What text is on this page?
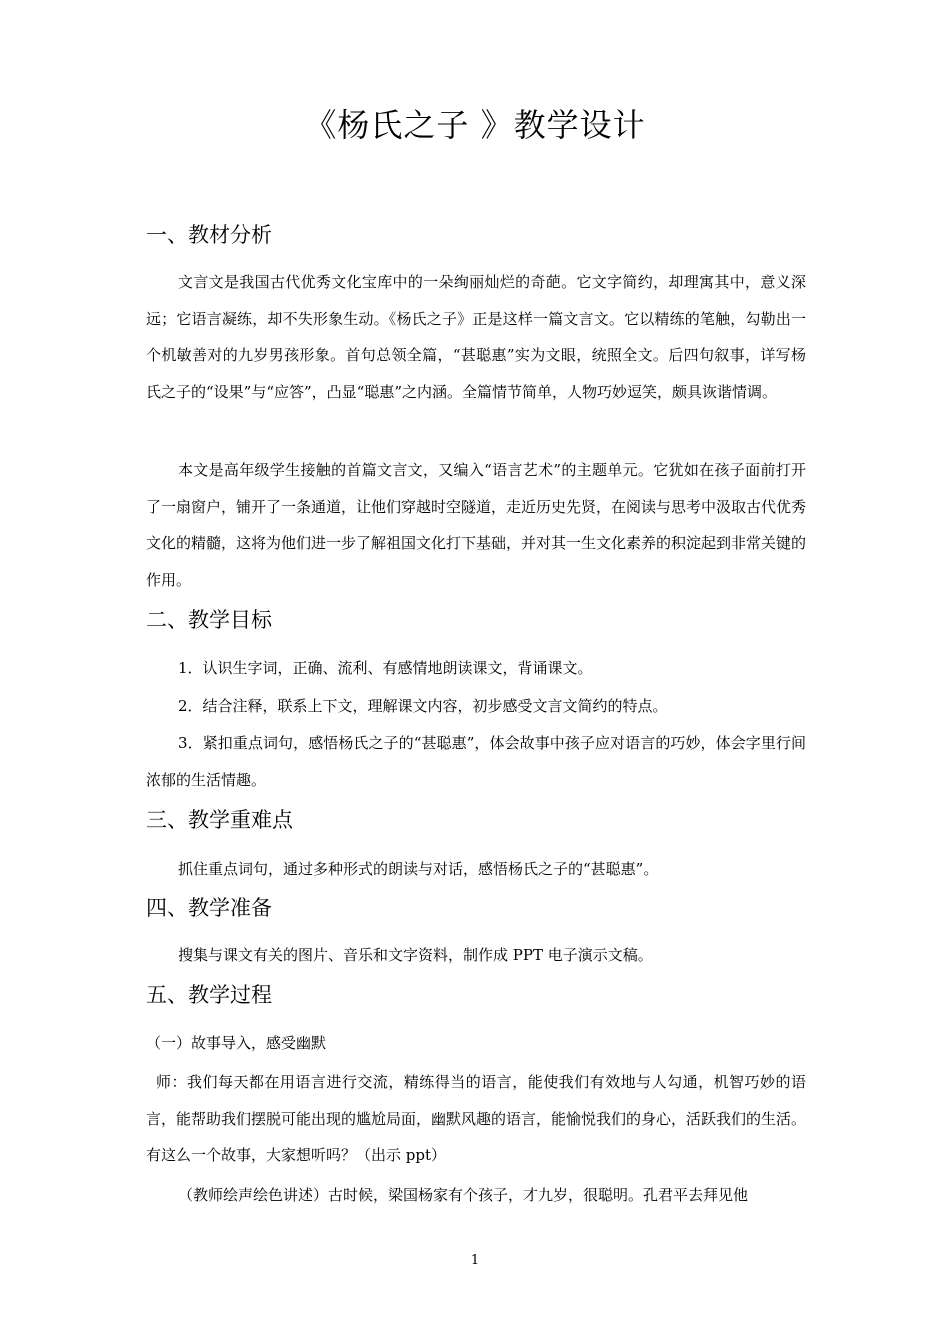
《杨氏之子 》教学设计
一、教材分析

文言文是我国古代优秀文化宝库中的一朵绚丽灿烂的奇葩。它文字简约，却理寓其中，意义深远；它语言凝练，却不失形象生动。《杨氏之子》正是这样一篇文言文。它以精练的笔触，勾勒出一个机敏善对的九岁男孩形象。首句总领全篇，“甚聪惠”实为文眼，统照全文。后四句叙事，详写杨氏之子的“设果”与“应答”，凸显“聪惠”之内涵。全篇情节简单，人物巧妙逗笑，颇具诙谐情调。

本文是高年级学生接触的首篇文言文，又编入“语言艺术”的主题单元。它犹如在孩子面前打开了一扇窗户，铺开了一条通道，让他们穿越时空隧道，走近历史先贤，在阅读与思考中汲取古代优秀文化的精髓，这将为他们进一步了解祖国文化打下基础，并对其一生文化素养的积淀起到非常关键的作用。

二、教学目标

1．认识生字词，正确、流利、有感情地朗读课文，背诵课文。

2．结合注释，联系上下文，理解课文内容，初步感受文言文简约的特点。

3．紧扣重点词句，感悟杨氏之子的“甚聪惠”，体会故事中孩子应对语言的巧妙，体会字里行间浓郁的生活情趣。

三、教学重难点

抓住重点词句，通过多种形式的朗读与对话，感悟杨氏之子的“甚聪惠”。

四、教学准备

搜集与课文有关的图片、音乐和文字资料，制作成 PPT 电子演示文稿。

五、教学过程

（一）故事导入，感受幽默

师：我们每天都在用语言进行交流，精练得当的语言，能使我们有效地与人勾通，机智巧妙的语言，能帮助我们摆脱可能出现的尴尬局面，幽默风趣的语言，能愉悦我们的身心，活跃我们的生活。有这么一个故事，大家想听吗？（出示 ppt）

（教师绘声绘色讲述）古时候，梁国杨家有个孩子，才九岁，很聪明。孔君平去拜见他

1
